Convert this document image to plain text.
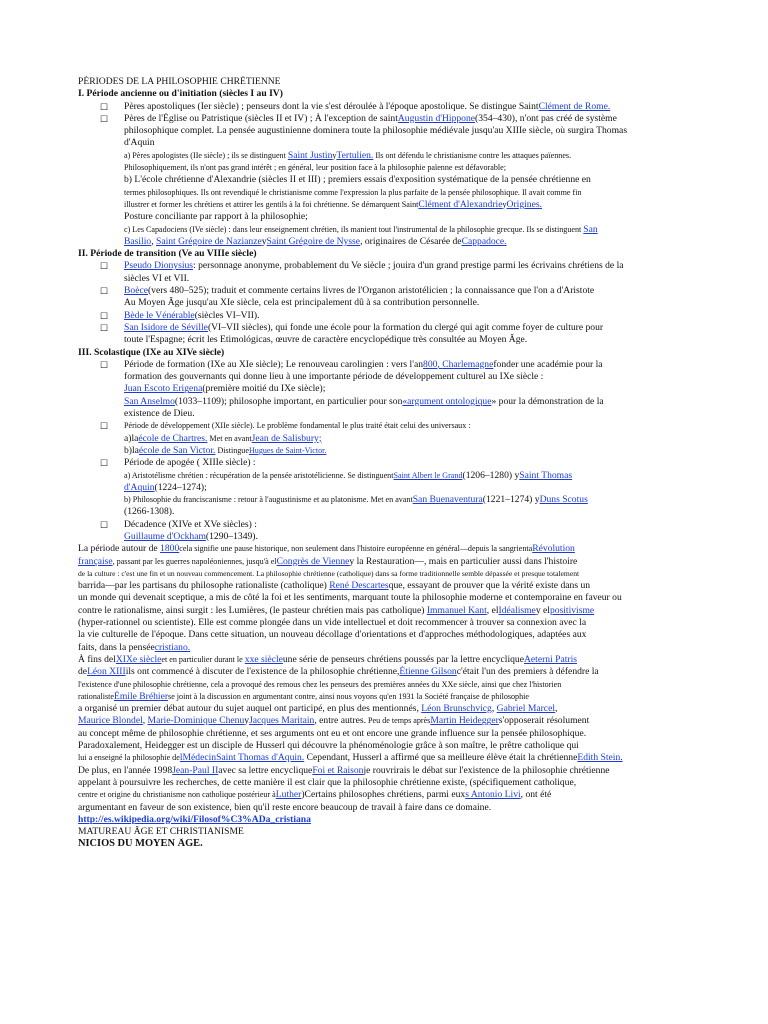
PÉRIODES DE LA PHILOSOPHIE CHRÉTIENNE
I. Période ancienne ou d'initiation (siècles I au IV)
☐ Pères apostoliques (Ier siècle) ; penseurs dont la vie s'est déroulée à l'époque apostolique. Se distingue SaintClément de Rome.
☐ Pères de l'Église ou Patristique (siècles II et IV) ; À l'exception de saintAugustin d'Hippone(354–430), n'ont pas créé de système
philosophique complet. La pensée augustinienne dominera toute la philosophie médiévale jusqu'au XIIIe siècle, où surgira Thomas
d'Aquin
a) Pères apologistes (IIe siècle) ; ils se distinguent Saint JustinyTertulien. Ils ont défendu le christianisme contre les attaques païennes.
Philosophiquement, ils n'ont pas grand intérêt ; en général, leur position face à la philosophie païenne est défavorable;
b) L'école chrétienne d'Alexandrie (siècles II et III) ; premiers essais d'exposition systématique de la pensée chrétienne en
termes philosophiques. Ils ont revendiqué le christianisme comme l'expression la plus parfaite de la pensée philosophique. Il avait comme fin
illustrer et former les chrétiens et attirer les gentils à la foi chrétienne. Se démarquent SaintClément d'AlexandrieyOrigines.
Posture conciliante par rapport à la philosophie;
c) Les Capadociens (IVe siècle) : dans leur enseignement chrétien, ils manient tout l'instrumental de la philosophie grecque. Ils se distinguent San
Basilio, Saint Grégoire de NazianzeySaint Grégoire de Nysse, originaires de Césarée deCappadoce.
II. Période de transition (Ve au VIIIe siècle)
☐ Pseudo Dionysius: personnage anonyme, probablement du Ve siècle ; jouira d'un grand prestige parmi les écrivains chrétiens de la
siècles VI et VII.
☐ Boèce(vers 480–525); traduit et commente certains livres de l'Organon aristotélicien ; la connaissance que l'on a d'Aristote
Au Moyen Âge jusqu'au XIe siècle, cela est principalement dû à sa contribution personnelle.
☐ Bède le Vénérable(siècles VI–VII).
☐ San Isidore de Séville(VI–VII siècles), qui fonde une école pour la formation du clergé qui agit comme foyer de culture pour
toute l'Espagne; écrit les Etimológicas, œuvre de caractère encyclopédique très consultée au Moyen Âge.
III. Scolastique (IXe au XIVe siècle)
☐ Période de formation (IXe au XIe siècle); Le renouveau carolingien : vers l'an800, Charlemagnefonder une académie pour la
formation des gouvernants qui donne lieu à une importante période de développement culturel au IXe siècle :
Juan Escoto Erigena(première moitié du IXe siècle);
San Anselmo(1033–1109); philosophe important, en particulier pour son«argument ontologique» pour la démonstration de la
existence de Dieu.
☐ Période de développement (XIIe siècle). Le problème fondamental le plus traité était celui des universaux :
a)laécole de Chartres. Met en avantJean de Salisbury;
b)laécole de San Victor. DistingueHugues de Saint-Victor.
☐ Période de apogée ( XIIIe siècle) :
a) Aristotélisme chrétien : récupération de la pensée aristotélicienne. Se distinguentSaint Albert le Grand(1206–1280) ySaint Thomas
d'Aquin(1224–1274);
b) Philosophie du franciscanisme : retour à l'augustinisme et au platonisme. Met en avantSan Buenaventura(1221–1274) yDuns Scotus
(1266-1308).
☐ Décadence (XIVe et XVe siècles) :
Guillaume d'Ockham(1290–1349).
La période autour de 1800cela signifie une pause historique, non seulement dans l'histoire européenne en général—depuis la sangrientaRévolution
française, passant par les guerres napoléoniennes, jusqu'à elCongrès de Vienney la Restauration—, mais en particulier aussi dans l'histoire
de la culture : c'est une fin et un nouveau commencement. La philosophie chrétienne (catholique) dans sa forme traditionnelle semble dépassée et presque totalement
barrida—par les partisans du philosophe rationaliste (catholique) René Descartesque, essayant de prouver que la vérité existe dans un
un monde qui devenait sceptique, a mis de côté la foi et les sentiments, marquant toute la philosophie moderne et contemporaine en faveur ou
contre le rationalisme, ainsi surgit : les Lumières, (le pasteur chrétien mais pas catholique) Immanuel Kant, elIdéalismey elpositivisme
(hyper-rationnel ou scientiste). Elle est comme plongée dans un vide intellectuel et doit recommencer à trouver sa connexion avec la
la vie culturelle de l'époque. Dans cette situation, un nouveau décollage d'orientations et d'approches méthodologiques, adaptées aux
faits, dans la penséecristiano.
À fins delXIXe siècleet en particulier durant le xxe siècleune série de penseurs chrétiens poussés par la lettre encycliqueAeterni Patris
deLéon XIIIils ont commencé à discuter de l'existence de la philosophie chrétienne,Étienne Gilsonc'était l'un des premiers à défendre la
l'existence d'une philosophie chrétienne, cela a provoqué des remous chez les penseurs des premières années du XXe siècle, ainsi que chez l'historien
rationalisteÉmile Bréhierse joint à la discussion en argumentant contre, ainsi nous voyons qu'en 1931 la Société française de philosophie
a organisé un premier débat autour du sujet auquel ont participé, en plus des mentionnés, Léon Brunschvicg, Gabriel Marcel,
Maurice Blondel, Marie-Dominique ChenuyJacques Maritain, entre autres. Peu de temps aprèsMartin Heideggers'opposerait résolument
au concept même de philosophie chrétienne, et ses arguments ont eu et ont encore une grande influence sur la pensée philosophique.
Paradoxalement, Heidegger est un disciple de Husserl qui découvre la phénoménologie grâce à son maître, le prêtre catholique qui
lui a enseigné la philosophie delMédecinSaint Thomas d'Aquin. Cependant, Husserl a affirmé que sa meilleure élève était la chrétienneEdith Stein.
De plus, en l'année 1998Jean-Paul IIavec sa lettre encycliqueFoi et Raisonje rouvrirais le débat sur l'existence de la philosophie chrétienne
appelant à poursuivre les recherches, de cette manière il est clair que la philosophie chrétienne existe, (spécifiquement catholique,
centre et origine du christianisme non catholique postérieur àLuther)Certains philosophes chrétiens, parmi euxs Antonio Livi, ont été
argumentant en faveur de son existence, bien qu'il reste encore beaucoup de travail à faire dans ce domaine.
http://es.wikipedia.org/wiki/Filosof%C3%ADa_cristiana
MATUREAU ÂGE ET CHRISTIANISME
NICIOS DU MOYEN ÂGE.
